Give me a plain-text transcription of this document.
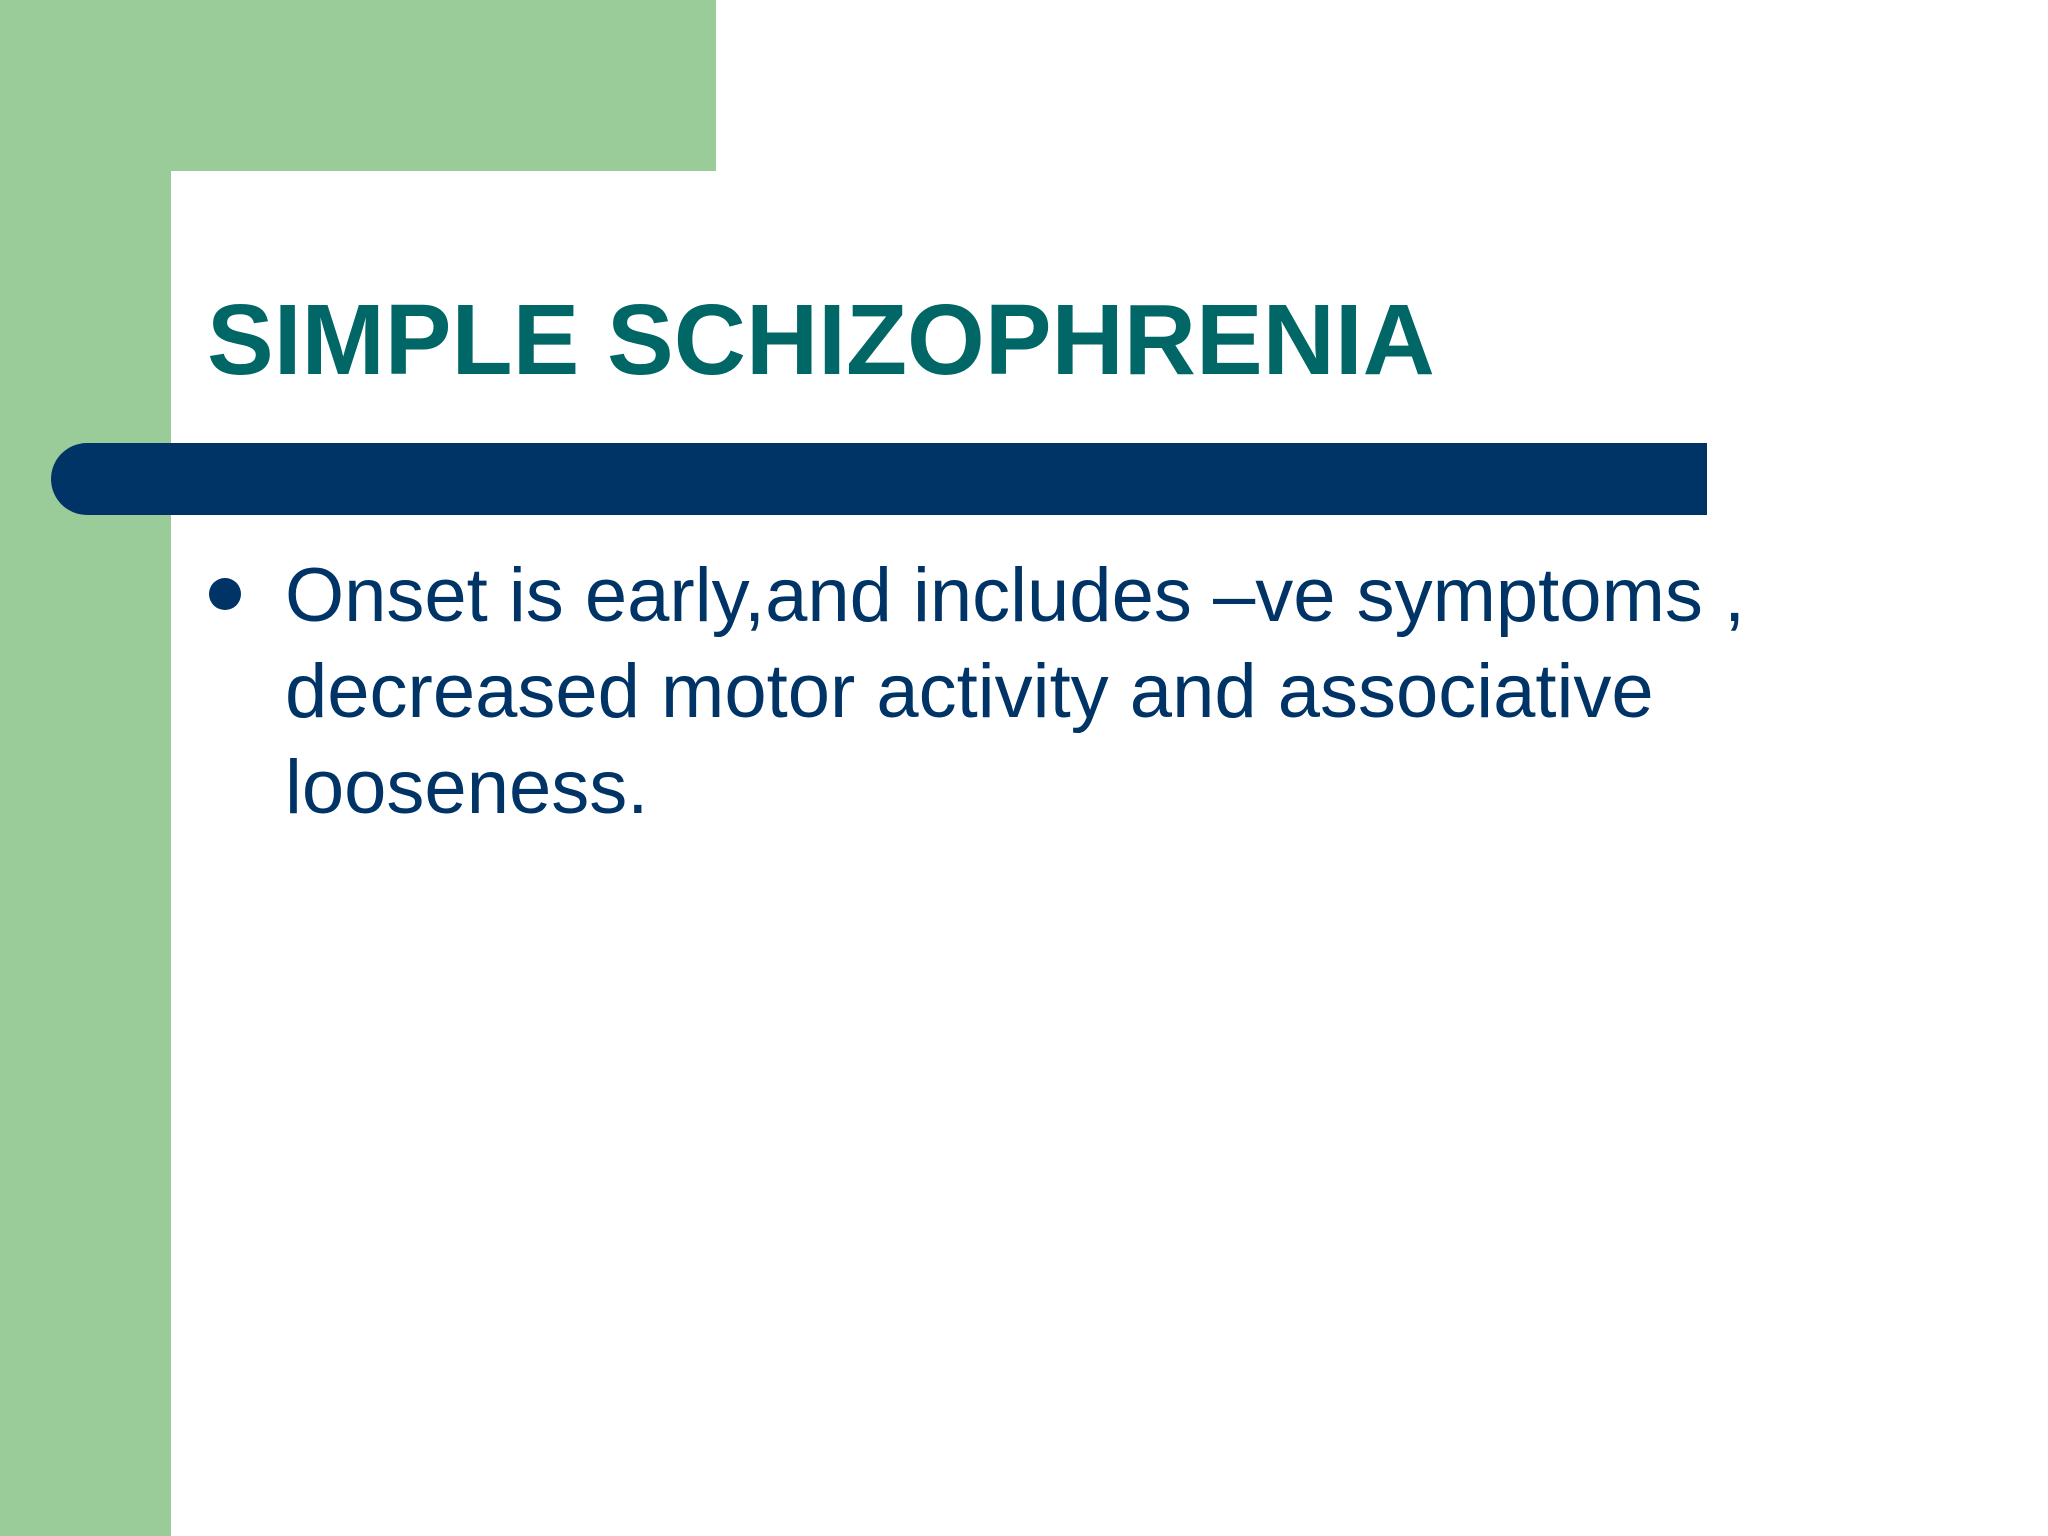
SIMPLE SCHIZOPHRENIA
Onset is early,and includes –ve symptoms , decreased motor activity and associative looseness.
